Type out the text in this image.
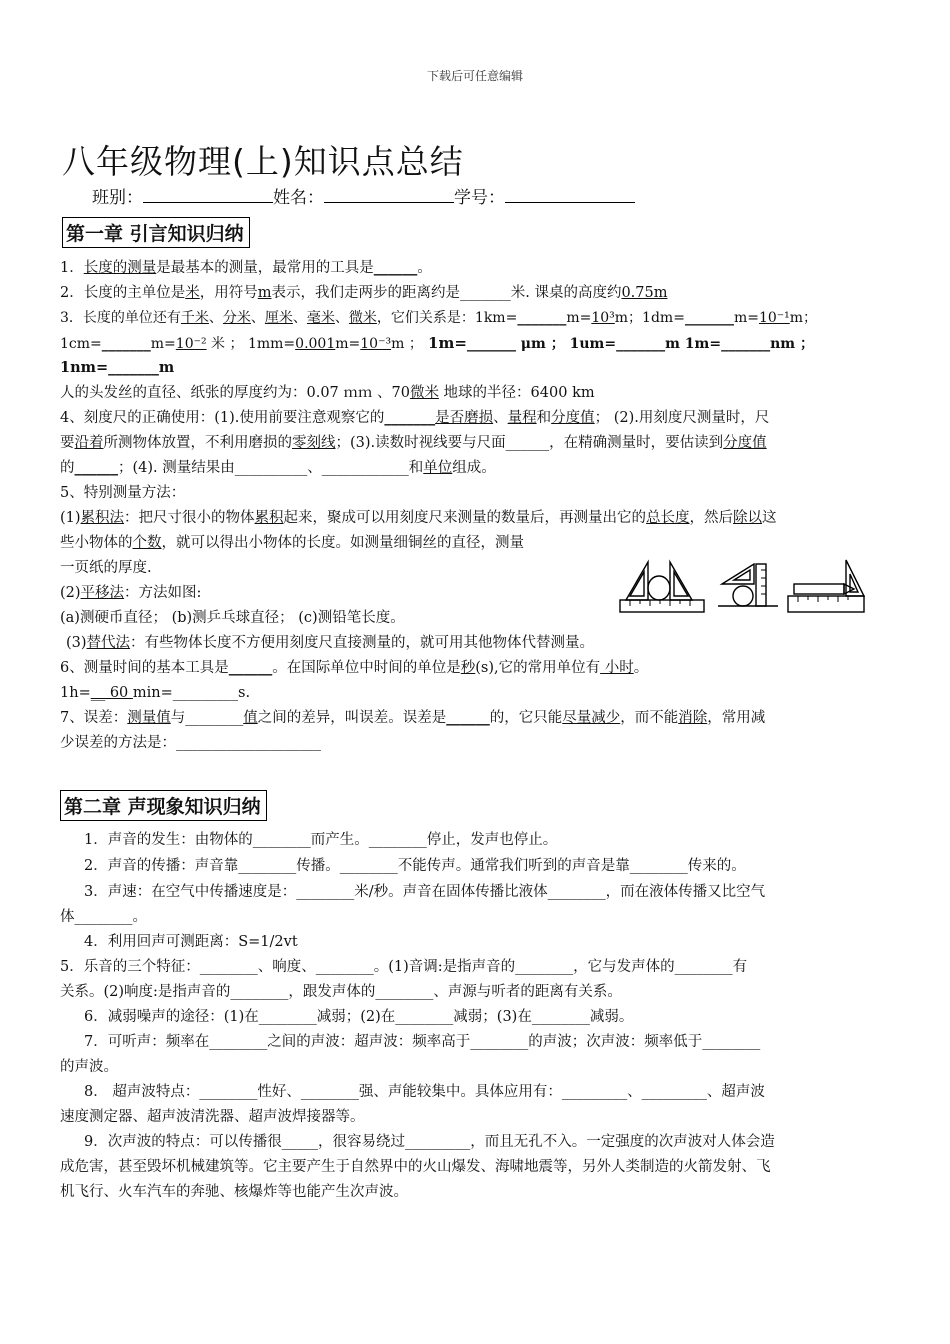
下载后可任意编辑
八年级物理(上)知识点总结
班别：	姓名：	学号：
第一章 引言知识归纳
1．长度的测量是最基本的测量，最常用的工具是______。
2．长度的主单位是米，用符号m表示，我们走两步的距离约是_______米. 课桌的高度约0.75m
3．长度的单位还有千米、分米、厘米、毫米、微米，它们关系是：1km=_______m=10³m；1dm=_______m=10⁻¹m；
1cm=_______m=10⁻² 米 ； 1mm=0.001m=10⁻³m ； 1m=_______ μm ； 1um=_______m 1m=_______nm ；
1nm=_______m
人的头发丝的直径、纸张的厚度约为：0.07 ｍｍ 、70微米 地球的半径：6400 km
4、刻度尺的正确使用：(1).使用前要注意观察它的_______是否磨损、量程和分度值； (2).用刻度尺测量时，尺
要沿着所测物体放置，不利用磨损的零刻线；(3).读数时视线要与尺面______，在精确测量时，要估读到分度值
的______；(4). 测量结果由__________、____________和单位组成。
5、特别测量方法：
(1)累积法：把尺寸很小的物体累积起来，聚成可以用刻度尺来测量的数量后，再测量出它的总长度，然后除以这
些小物体的个数，就可以得出小物体的长度。如测量细铜丝的直径，测量
一页纸的厚度.
(2)平移法：方法如图:
(a)测硬币直径； (b)测乒乓球直径； (c)测铅笔长度。
(3)替代法：有些物体长度不方便用刻度尺直接测量的，就可用其他物体代替测量。
6、测量时间的基本工具是______。在国际单位中时间的单位是秒(s),它的常用单位有 小时。
1h=__ 60 min=_________s.
7、误差：测量值与________值之间的差异，叫误差。误差是______的，它只能尽量减少，而不能消除，常用减
少误差的方法是：____________________
第二章 声现象知识归纳
1．声音的发生：由物体的________而产生。________停止，发声也停止。
2．声音的传播：声音靠________传播。________不能传声。通常我们听到的声音是靠________传来的。
3．声速：在空气中传播速度是：________米/秒。声音在固体传播比液体________，而在液体传播又比空气
体________。
4．利用回声可测距离：S=1/2vt
5．乐音的三个特征：________、响度、________。(1)音调:是指声音的________，它与发声体的________有
关系。(2)响度:是指声音的________，跟发声体的________、声源与听者的距离有关系。
6．减弱噪声的途径：(1)在________减弱；(2)在________减弱；(3)在________减弱。
7．可听声：频率在________之间的声波：超声波：频率高于________的声波；次声波：频率低于________
的声波。
8． 超声波特点：________性好、________强、声能较集中。具体应用有：_________、_________、超声波
速度测定器、超声波清洗器、超声波焊接器等。
9．次声波的特点：可以传播很_____，很容易绕过_________，而且无孔不入。一定强度的次声波对人体会造
成危害，甚至毁坏机械建筑等。它主要产生于自然界中的火山爆发、海啸地震等，另外人类制造的火箭发射、飞
机飞行、火车汽车的奔驰、核爆炸等也能产生次声波。
